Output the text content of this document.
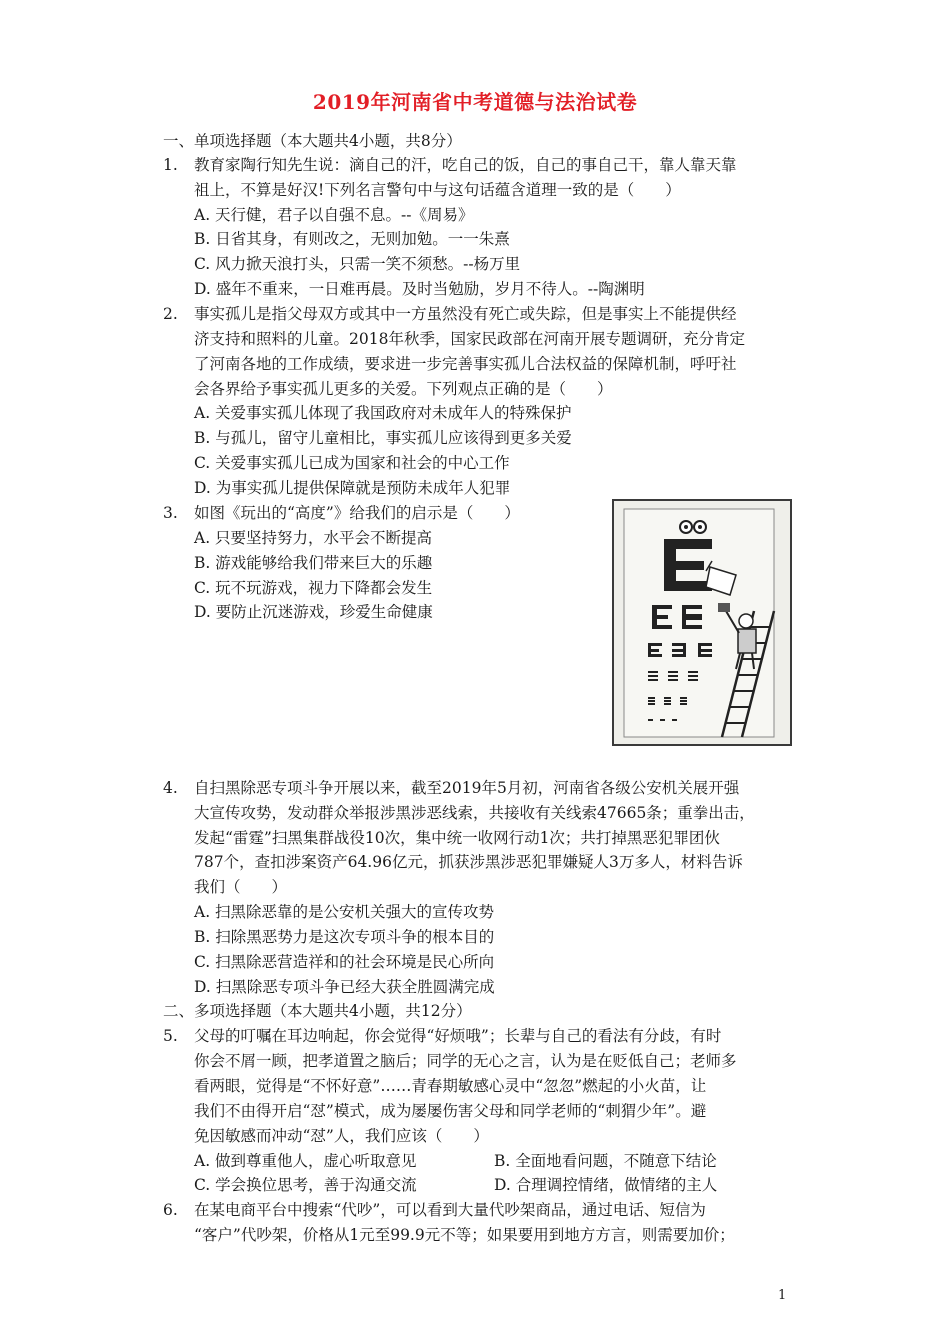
2019年河南省中考道德与法治试卷
一、单项选择题（本大题共4小题，共8分）
1. 教育家陶行知先生说：滴自己的汗，吃自己的饭，自己的事自己干，靠人靠天靠
祖上，不算是好汉!下列名言警句中与这句话蕴含道理一致的是（　　）
A. 天行健，君子以自强不息。--《周易》
B. 日省其身，有则改之，无则加勉。一一朱熹
C. 风力掀天浪打头，只需一笑不须愁。--杨万里
D. 盛年不重来，一日难再晨。及时当勉励，岁月不待人。--陶渊明
2. 事实孤儿是指父母双方或其中一方虽然没有死亡或失踪，但是事实上不能提供经
济支持和照料的儿童。2018年秋季，国家民政部在河南开展专题调研，充分肯定
了河南各地的工作成绩，要求进一步完善事实孤儿合法权益的保障机制，呼吁社
会各界给予事实孤儿更多的关爱。下列观点正确的是（　　）
A. 关爱事实孤儿体现了我国政府对未成年人的特殊保护
B. 与孤儿，留守儿童相比，事实孤儿应该得到更多关爱
C. 关爱事实孤儿已成为国家和社会的中心工作
D. 为事实孤儿提供保障就是预防未成年人犯罪
3. 如图《玩出的“高度”》给我们的启示是（　　）
A. 只要坚持努力，水平会不断提高
B. 游戏能够给我们带来巨大的乐趣
C. 玩不玩游戏，视力下降都会发生
D. 要防止沉迷游戏，珍爱生命健康
4. 自扫黑除恶专项斗争开展以来，截至2019年5月初，河南省各级公安机关展开强
大宣传攻势，发动群众举报涉黑涉恶线索，共接收有关线索47665条；重拳出击，
发起“雷霆”扫黑集群战役10次，集中统一收网行动1次；共打掉黑恶犯罪团伙
787个，查扣涉案资产64.96亿元，抓获涉黑涉恶犯罪嫌疑人3万多人，材料告诉
我们（　　）
A. 扫黑除恶靠的是公安机关强大的宣传攻势
B. 扫除黑恶势力是这次专项斗争的根本目的
C. 扫黑除恶营造祥和的社会环境是民心所向
D. 扫黑除恶专项斗争已经大获全胜圆满完成
二、多项选择题（本大题共4小题，共12分）
5. 父母的叮嘱在耳边响起，你会觉得“好烦哦”；长辈与自己的看法有分歧，有时
你会不屑一顾，把孝道置之脑后；同学的无心之言，认为是在贬低自己；老师多
看两眼，觉得是“不怀好意”……青春期敏感心灵中“忽忽”燃起的小火苗，让
我们不由得开启“怼”模式，成为屡屡伤害父母和同学老师的“刺猬少年”。避
免因敏感而冲动“怼”人，我们应该（　　）
A. 做到尊重他人，虚心听取意见	B. 全面地看问题，不随意下结论
C. 学会换位思考，善于沟通交流	D. 合理调控情绪，做情绪的主人
6. 在某电商平台中搜索“代吵”，可以看到大量代吵架商品，通过电话、短信为
“客户”代吵架，价格从1元至99.9元不等；如果要用到地方方言，则需要加价；
1
